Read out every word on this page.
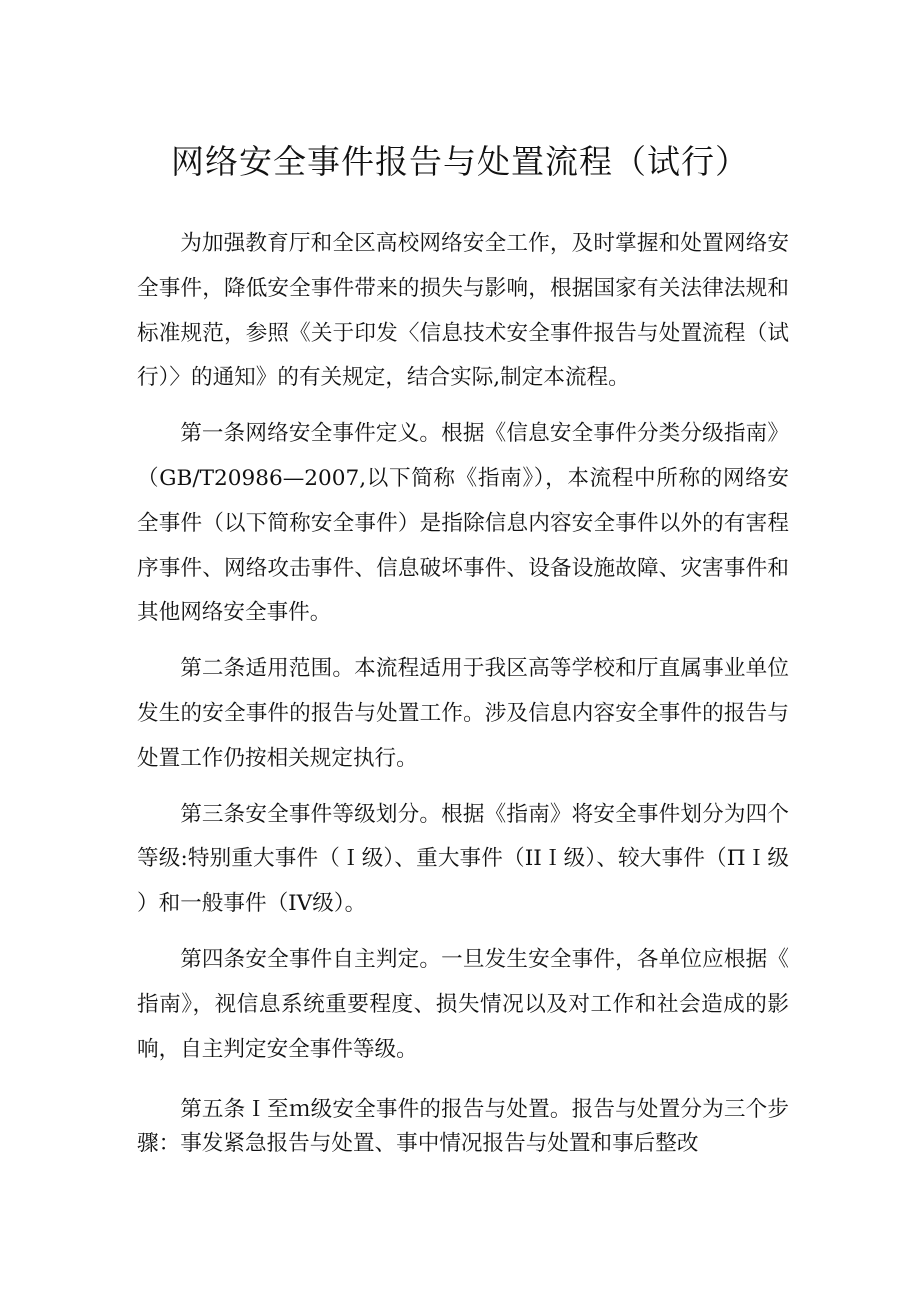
网络安全事件报告与处置流程（试行）

为加强教育厅和全区高校网络安全工作，及时掌握和处置网络安全事件，降低安全事件带来的损失与影响，根据国家有关法律法规和标准规范，参照《关于印发〈信息技术安全事件报告与处置流程（试行）〉的通知》的有关规定，结合实际,制定本流程。

第一条网络安全事件定义。根据《信息安全事件分类分级指南》（GB/T20986—2007,以下简称《指南》），本流程中所称的网络安全事件（以下简称安全事件）是指除信息内容安全事件以外的有害程序事件、网络攻击事件、信息破坏事件、设备设施故障、灾害事件和其他网络安全事件。

第二条适用范围。本流程适用于我区高等学校和厅直属事业单位发生的安全事件的报告与处置工作。涉及信息内容安全事件的报告与处置工作仍按相关规定执行。

第三条安全事件等级划分。根据《指南》将安全事件划分为四个等级:特别重大事件（Ｉ级）、重大事件（IIＩ级）、较大事件（ΠＩ级）和一般事件（IV级）。

第四条安全事件自主判定。一旦发生安全事件，各单位应根据《指南》，视信息系统重要程度、损失情况以及对工作和社会造成的影响，自主判定安全事件等级。

第五条Ｉ至ｍ级安全事件的报告与处置。报告与处置分为三个步骤：事发紧急报告与处置、事中情况报告与处置和事后整改
